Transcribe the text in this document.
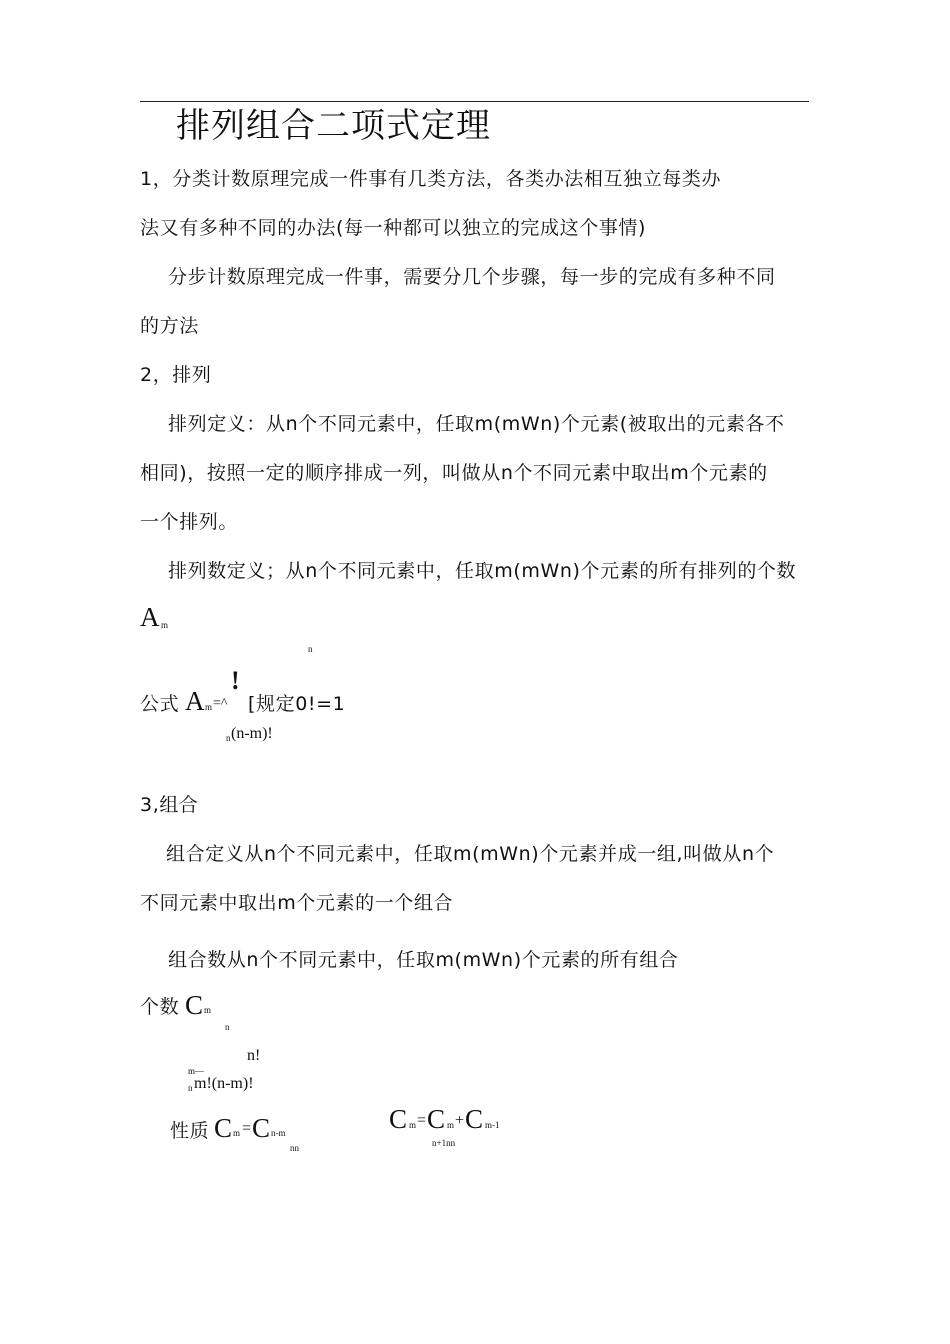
排列组合二项式定理
1，分类计数原理完成一件事有几类方法，各类办法相互独立每类办
法又有多种不同的办法(每一种都可以独立的完成这个事情)
分步计数原理完成一件事，需要分几个步骤，每一步的完成有多种不同
的方法
2，排列
排列定义：从n个不同元素中，任取m(mWn)个元素(被取出的元素各不
相同)，按照一定的顺序排成一列，叫做从n个不同元素中取出m个元素的
一个排列。
排列数定义；从n个不同元素中，任取m(mWn)个元素的所有排列的个数
A m
n
!
公式 A m =^ [规定0!=1
n (n-m)!
3,组合
组合定义从n个不同元素中，任取m(mWn)个元素并成一组,叫做从n个
不同元素中取出m个元素的一个组合
组合数从n个不同元素中，任取m(mWn)个元素的所有组合
个数 C m
n
n!
m—
n m!(n-m)!
性质 C m = C n-m
nn
C m = C m + C m-1
n+1nn
